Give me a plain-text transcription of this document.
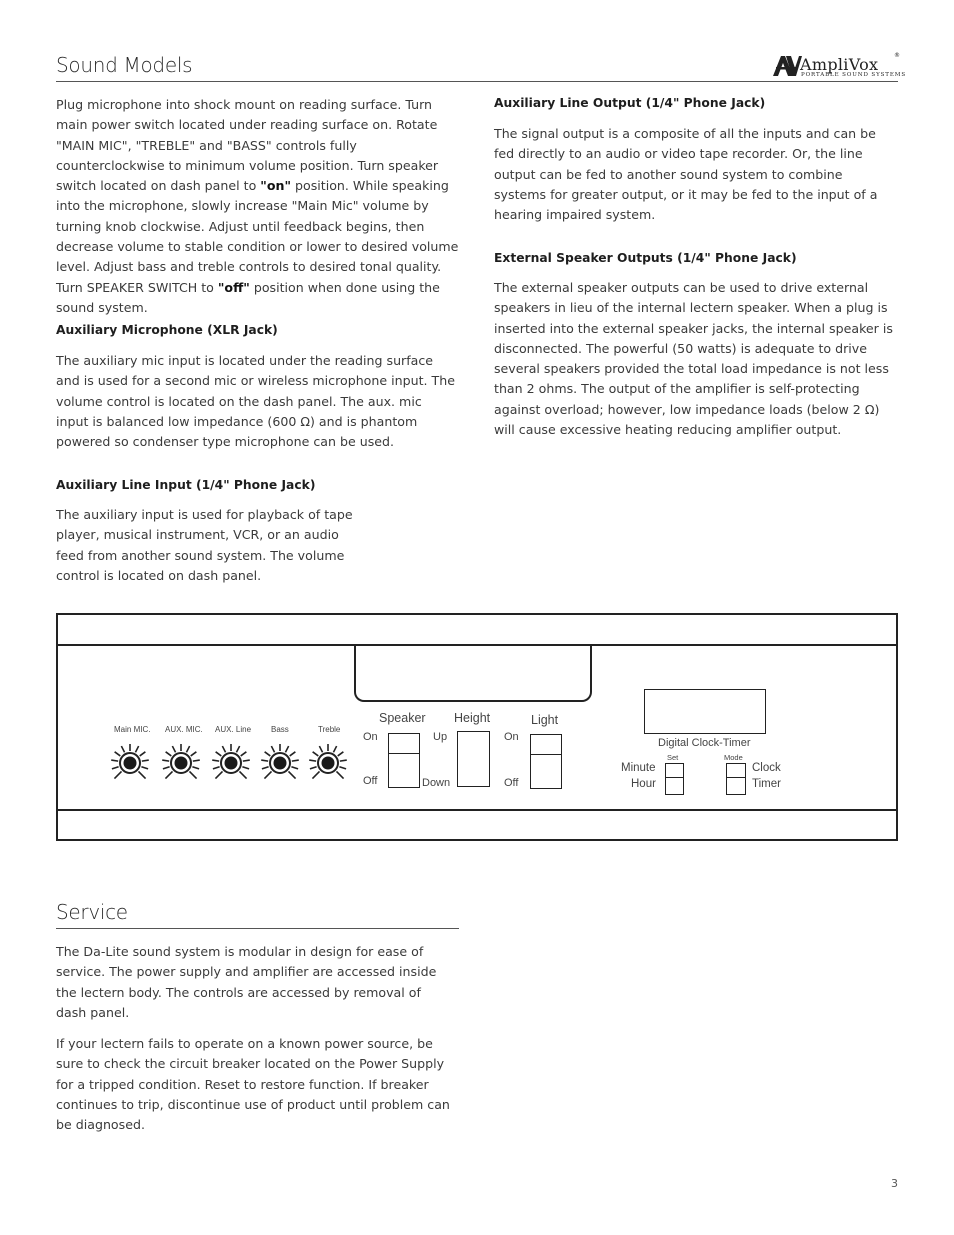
Sound Models	AmpliVox
PORTABLE SOUND SYSTEMS
®
Plug microphone into shock mount on reading surface. Turn main power switch located under reading surface on. Rotate "MAIN MIC", "TREBLE" and "BASS" controls fully counterclockwise to minimum volume position. Turn speaker switch located on dash panel to "on" position. While speaking into the microphone, slowly increase "Main Mic" volume by turning knob clockwise. Adjust until feedback begins, then decrease volume to stable condition or lower to desired volume level. Adjust bass and treble controls to desired tonal quality. Turn SPEAKER SWITCH to "off" position when done using the sound system.
Auxiliary Microphone (XLR Jack)
The auxiliary mic input is located under the reading surface and is used for a second mic or wireless microphone input. The volume control is located on the dash panel. The aux. mic input is balanced low impedance (600 Ω) and is phantom powered so condenser type microphone can be used.
Auxiliary Line Input (1/4" Phone Jack)
The auxiliary input is used for playback of tape player, musical instrument, VCR, or an audio feed from another sound system. The volume control is located on dash panel.
Auxiliary Line Output (1/4" Phone Jack)
The signal output is a composite of all the inputs and can be fed directly to an audio or video tape recorder. Or, the line output can be fed to another sound system to combine systems for greater output, or it may be fed to the input of a hearing impaired system.
External Speaker Outputs (1/4" Phone Jack)
The external speaker outputs can be used to drive external speakers in lieu of the internal lectern speaker. When a plug is inserted into the external speaker jacks, the internal speaker is disconnected. The powerful (50 watts) is adequate to drive several speakers provided the total load impedance is not less than 2 ohms. The output of the amplifier is self-protecting against overload; however, low impedance loads (below 2 Ω) will cause excessive heating reducing amplifier output.
Main MIC. AUX. MIC. AUX. Line Bass	Treble
Speaker
On
Off
Height
Up
Down
Light
On
Off
Digital Clock-Timer
Set	Mode
Minute
Hour
Clock
Timer
Service
The Da-Lite sound system is modular in design for ease of service. The power supply and amplifier are accessed inside the lectern body. The controls are accessed by removal of dash panel.
If your lectern fails to operate on a known power source, be sure to check the circuit breaker located on the Power Supply for a tripped condition. Reset to restore function. If breaker continues to trip, discontinue use of product until problem can be diagnosed.
3
